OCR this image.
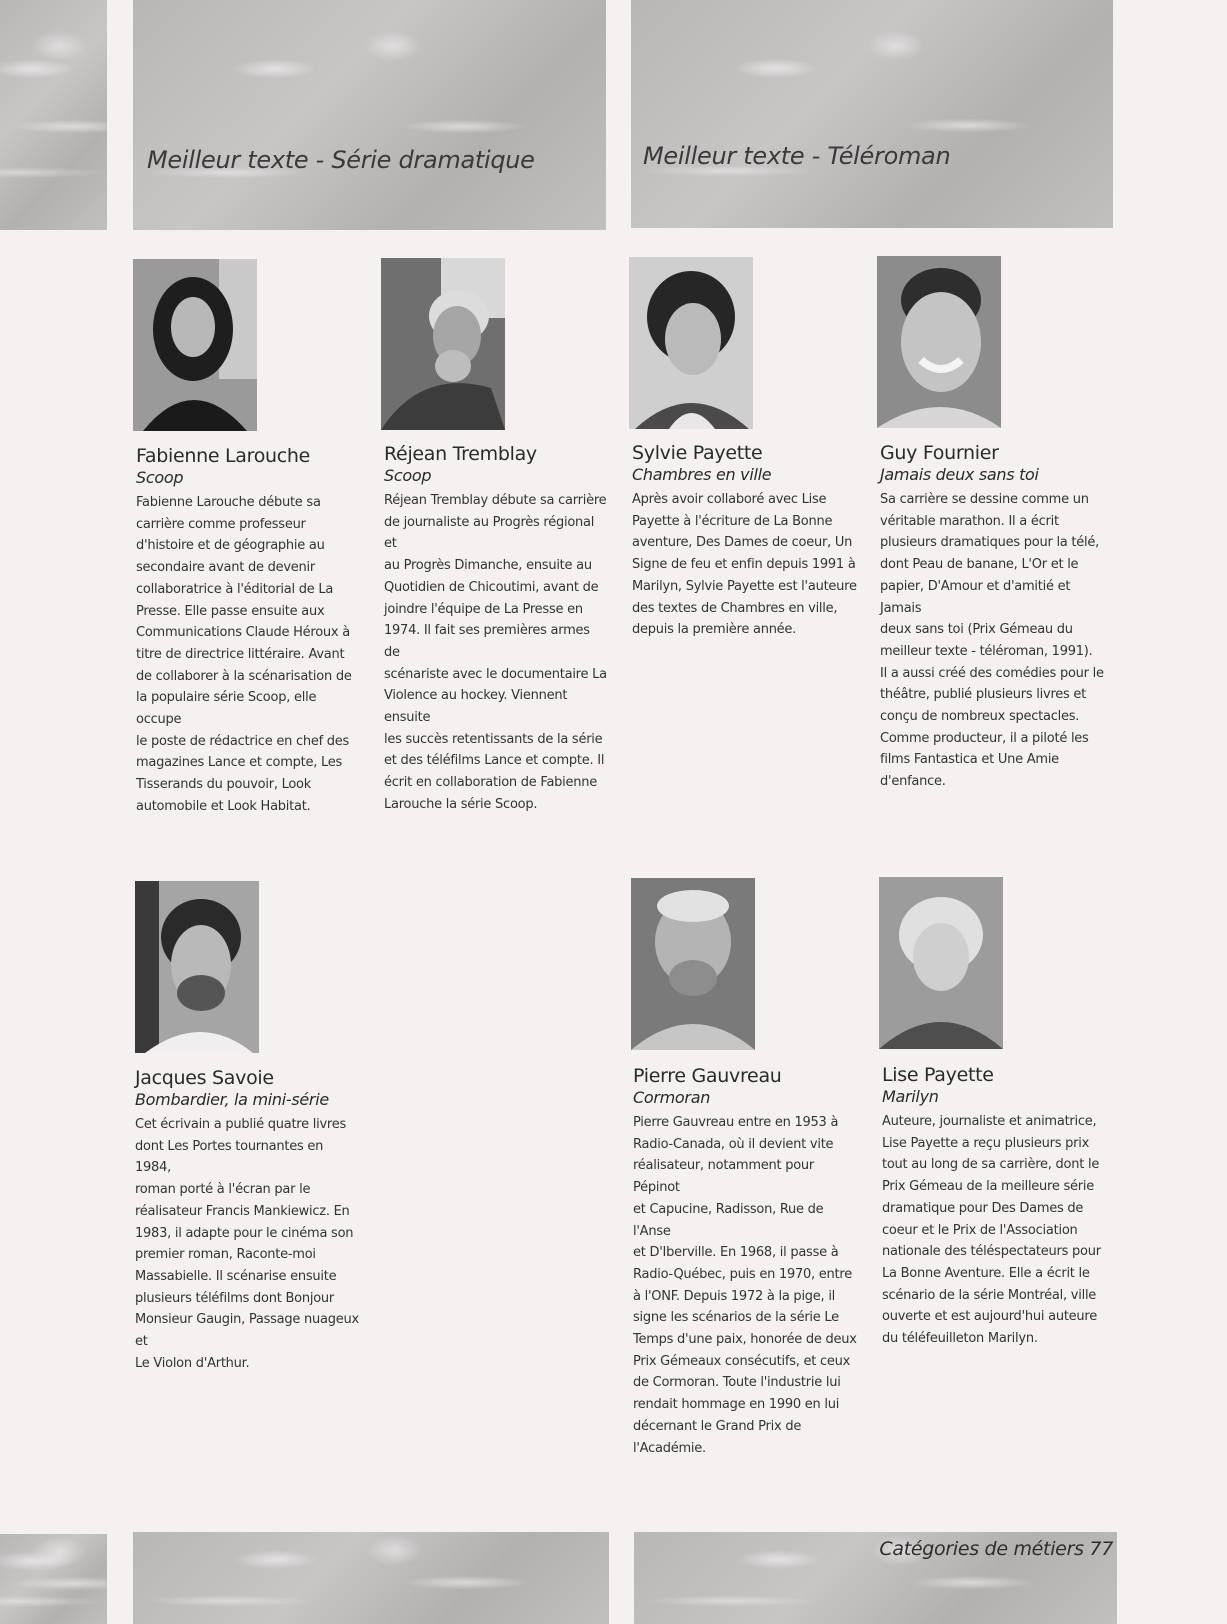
Meilleur texte - Série dramatique	Meilleur texte - Téléroman
Fabienne Larouche
Scoop
Fabienne Larouche débute sa
carrière comme professeur
d'histoire et de géographie au
secondaire avant de devenir
collaboratrice à l'éditorial de La
Presse. Elle passe ensuite aux
Communications Claude Héroux à
titre de directrice littéraire. Avant
de collaborer à la scénarisation de
la populaire série Scoop, elle occupe
le poste de rédactrice en chef des
magazines Lance et compte, Les
Tisserands du pouvoir, Look
automobile et Look Habitat.
Réjean Tremblay
Scoop
Réjean Tremblay débute sa carrière
de journaliste au Progrès régional et
au Progrès Dimanche, ensuite au
Quotidien de Chicoutimi, avant de
joindre l'équipe de La Presse en
1974. Il fait ses premières armes de
scénariste avec le documentaire La
Violence au hockey. Viennent ensuite
les succès retentissants de la série
et des téléfilms Lance et compte. Il
écrit en collaboration de Fabienne
Larouche la série Scoop.
Sylvie Payette
Chambres en ville
Après avoir collaboré avec Lise
Payette à l'écriture de La Bonne
aventure, Des Dames de coeur, Un
Signe de feu et enfin depuis 1991 à
Marilyn, Sylvie Payette est l'auteure
des textes de Chambres en ville,
depuis la première année.
Guy Fournier
Jamais deux sans toi
Sa carrière se dessine comme un
véritable marathon. Il a écrit
plusieurs dramatiques pour la télé,
dont Peau de banane, L'Or et le
papier, D'Amour et d'amitié et Jamais
deux sans toi (Prix Gémeau du
meilleur texte - téléroman, 1991).
Il a aussi créé des comédies pour le
théâtre, publié plusieurs livres et
conçu de nombreux spectacles.
Comme producteur, il a piloté les
films Fantastica et Une Amie
d'enfance.
Jacques Savoie
Bombardier, la mini-série
Cet écrivain a publié quatre livres
dont Les Portes tournantes en 1984,
roman porté à l'écran par le
réalisateur Francis Mankiewicz. En
1983, il adapte pour le cinéma son
premier roman, Raconte-moi
Massabielle. Il scénarise ensuite
plusieurs téléfilms dont Bonjour
Monsieur Gaugin, Passage nuageux et
Le Violon d'Arthur.
Pierre Gauvreau
Cormoran
Pierre Gauvreau entre en 1953 à
Radio-Canada, où il devient vite
réalisateur, notamment pour Pépinot
et Capucine, Radisson, Rue de l'Anse
et D'Iberville. En 1968, il passe à
Radio-Québec, puis en 1970, entre
à l'ONF. Depuis 1972 à la pige, il
signe les scénarios de la série Le
Temps d'une paix, honorée de deux
Prix Gémeaux consécutifs, et ceux
de Cormoran. Toute l'industrie lui
rendait hommage en 1990 en lui
décernant le Grand Prix de
l'Académie.
Lise Payette
Marilyn
Auteure, journaliste et animatrice,
Lise Payette a reçu plusieurs prix
tout au long de sa carrière, dont le
Prix Gémeau de la meilleure série
dramatique pour Des Dames de
coeur et le Prix de l'Association
nationale des téléspectateurs pour
La Bonne Aventure. Elle a écrit le
scénario de la série Montréal, ville
ouverte et est aujourd'hui auteure
du téléfeuilleton Marilyn.
Catégories de métiers 77
